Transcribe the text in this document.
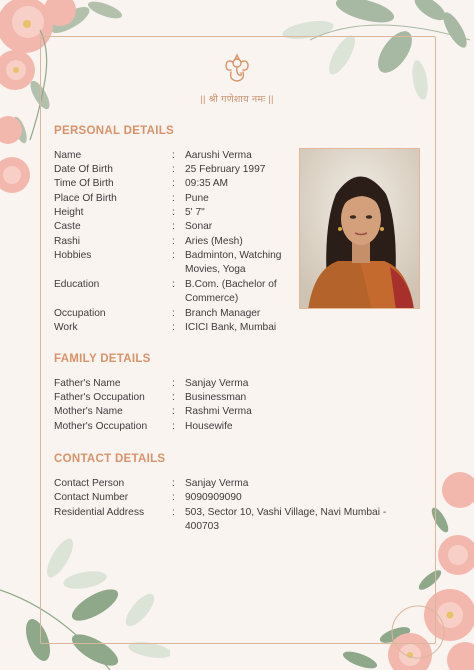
|| श्री गणेशाय नमः ||
PERSONAL DETAILS
Name	: Aarushi Verma
Date Of Birth	: 25 February 1997
Time Of Birth	: 09:35 AM
Place Of Birth	: Pune
Height	: 5' 7"
Caste	: Sonar
Rashi	: Aries (Mesh)
Hobbies	: Badminton, Watching
Movies, Yoga
Education	: B.Com. (Bachelor of
Commerce)
Occupation	: Branch Manager
Work	: ICICI Bank, Mumbai
FAMILY DETAILS
Father's Name	: Sanjay Verma
Father's Occupation	: Businessman
Mother's Name	: Rashmi Verma
Mother's Occupation : Housewife
CONTACT DETAILS
Contact Person	: Sanjay Verma
Contact Number	: 9090909090
Residential Address	: 503, Sector 10, Vashi Village, Navi Mumbai -
400703
